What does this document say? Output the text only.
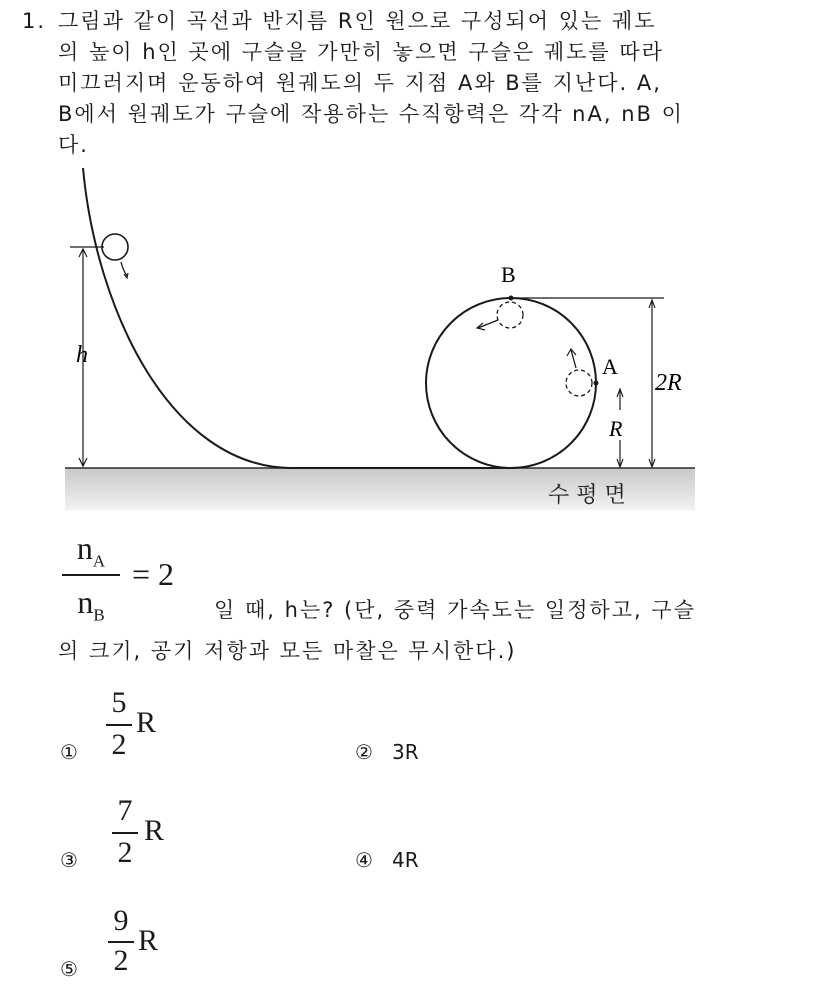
1. 그림과 같이 곡선과 반지름 R인 원으로 구성되어 있는 궤도
의 높이 h인 곳에 구슬을 가만히 놓으면 구슬은 궤도를 따라
미끄러지며 운동하여 원궤도의 두 지점 A와 B를 지난다. A,
B에서 원궤도가 구슬에 작용하는 수직항력은 각각 nA, nB 이
다.
h
B
A
R
2R
수 평 면
$n_A$
$n_B$
= 2
일 때, h는? (단, 중력 가속도는 일정하고, 구슬
의 크기, 공기 저항과 모든 마찰은 무시한다.)
①
5
2
R
② 3R
③
7
2
R
④ 4R
⑤
9
2
R
